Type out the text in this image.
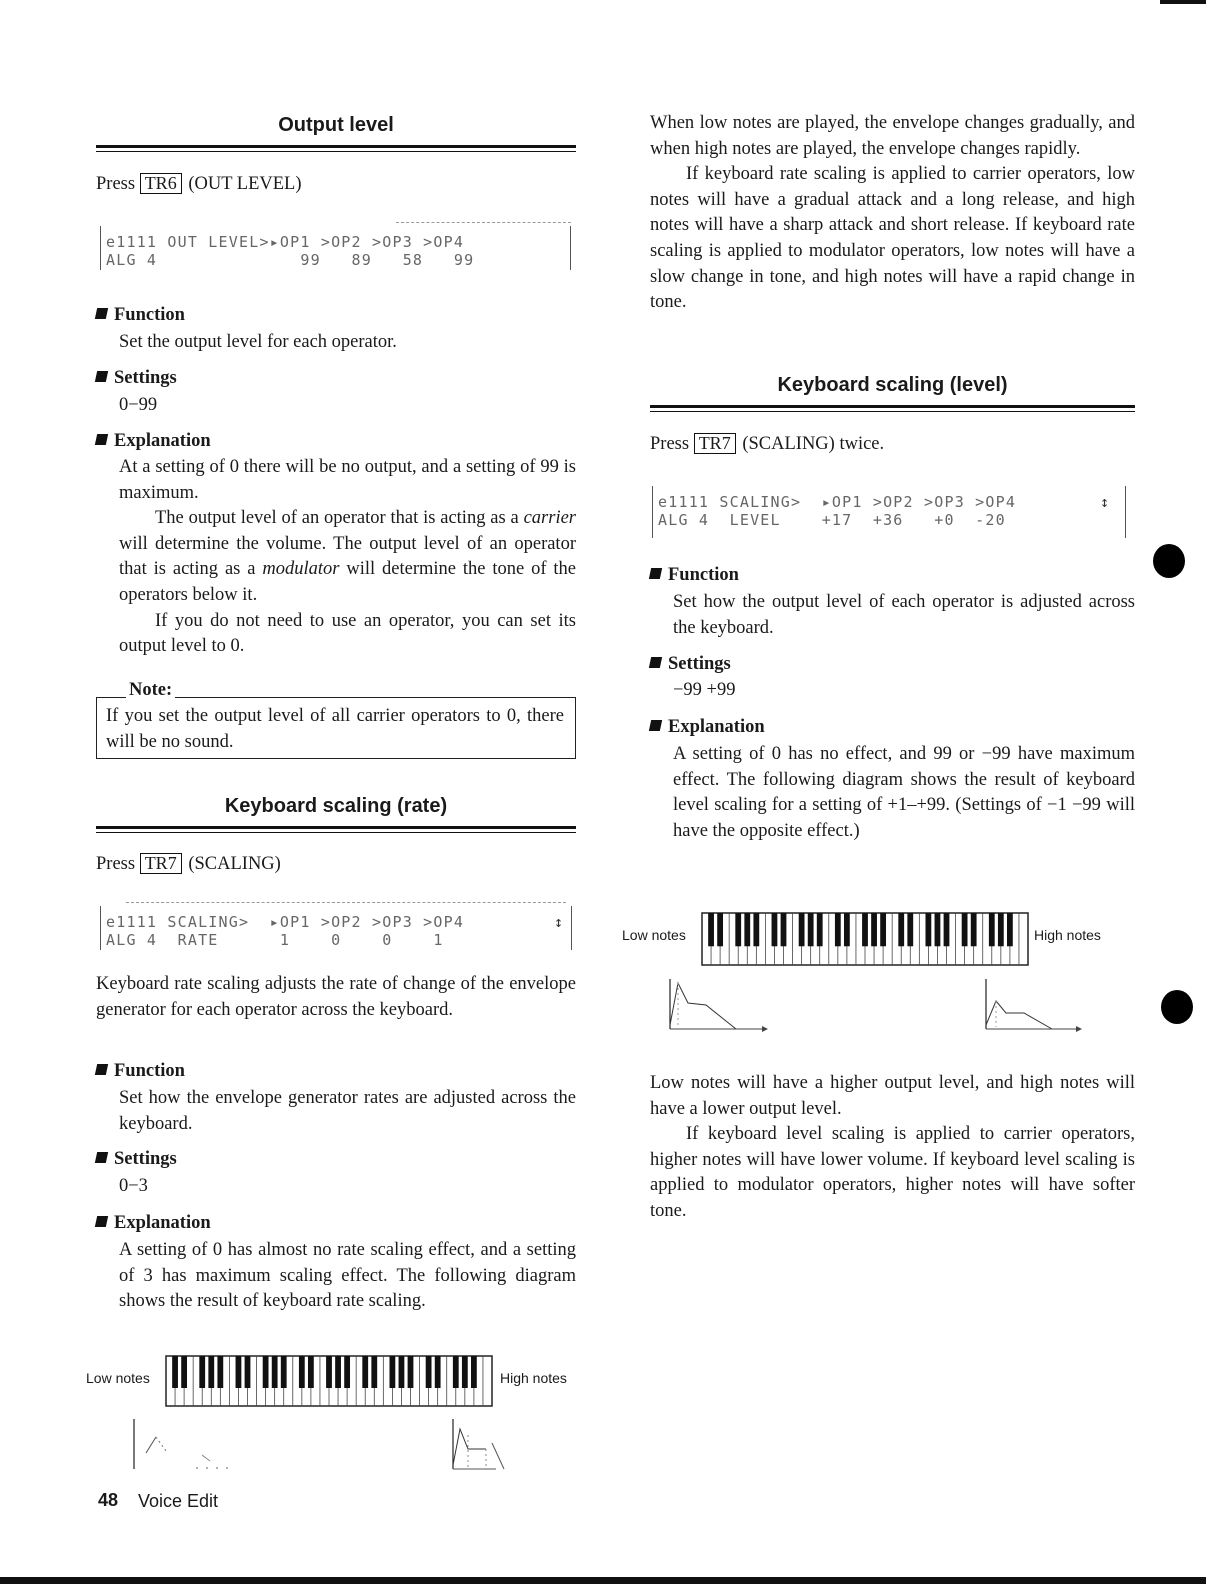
Output level
Press TR6 (OUT LEVEL)
e1111 OUT LEVEL>▸OP1 >OP2 >OP3 >OP4
ALG 4              99   89   58   99
Function
Set the output level for each operator.
Settings
0−99
Explanation
At a setting of 0 there will be no output, and a setting of 99 is maximum.
The output level of an operator that is acting as a carrier will determine the volume. The output level of an operator that is acting as a modulator will determine the tone of the operators below it.
If you do not need to use an operator, you can set its output level to 0.
Note:
If you set the output level of all carrier operators to 0, there will be no sound.
Keyboard scaling (rate)
Press TR7 (SCALING)
e1111 SCALING>  ▸OP1 >OP2 >OP3 >OP4
ALG 4  RATE      1    0    0    1
↕
Keyboard rate scaling adjusts the rate of change of the envelope generator for each operator across the keyboard.
Function
Set how the envelope generator rates are adjusted across the keyboard.
Settings
0−3
Explanation
A setting of 0 has almost no rate scaling effect, and a setting of 3 has maximum scaling effect. The following diagram shows the result of keyboard rate scaling.
Low notes	High notes
48 Voice Edit
When low notes are played, the envelope changes gradually, and when high notes are played, the envelope changes rapidly.
If keyboard rate scaling is applied to carrier operators, low notes will have a gradual attack and a long release, and high notes will have a sharp attack and short release. If keyboard rate scaling is applied to modulator operators, low notes will have a slow change in tone, and high notes will have a rapid change in tone.
Keyboard scaling (level)
Press TR7 (SCALING) twice.
e1111 SCALING>  ▸OP1 >OP2 >OP3 >OP4
ALG 4  LEVEL    +17  +36   +0  -20
↕
Function
Set how the output level of each operator is adjusted across the keyboard.
Settings
−99 +99
Explanation
A setting of 0 has no effect, and 99 or −99 have maximum effect. The following diagram shows the result of keyboard level scaling for a setting of +1–+99. (Settings of −1 −99 will have the opposite effect.)
Low notes	High notes
Low notes will have a higher output level, and high notes will have a lower output level.
If keyboard level scaling is applied to carrier operators, higher notes will have lower volume. If keyboard level scaling is applied to modulator operators, higher notes will have softer tone.
